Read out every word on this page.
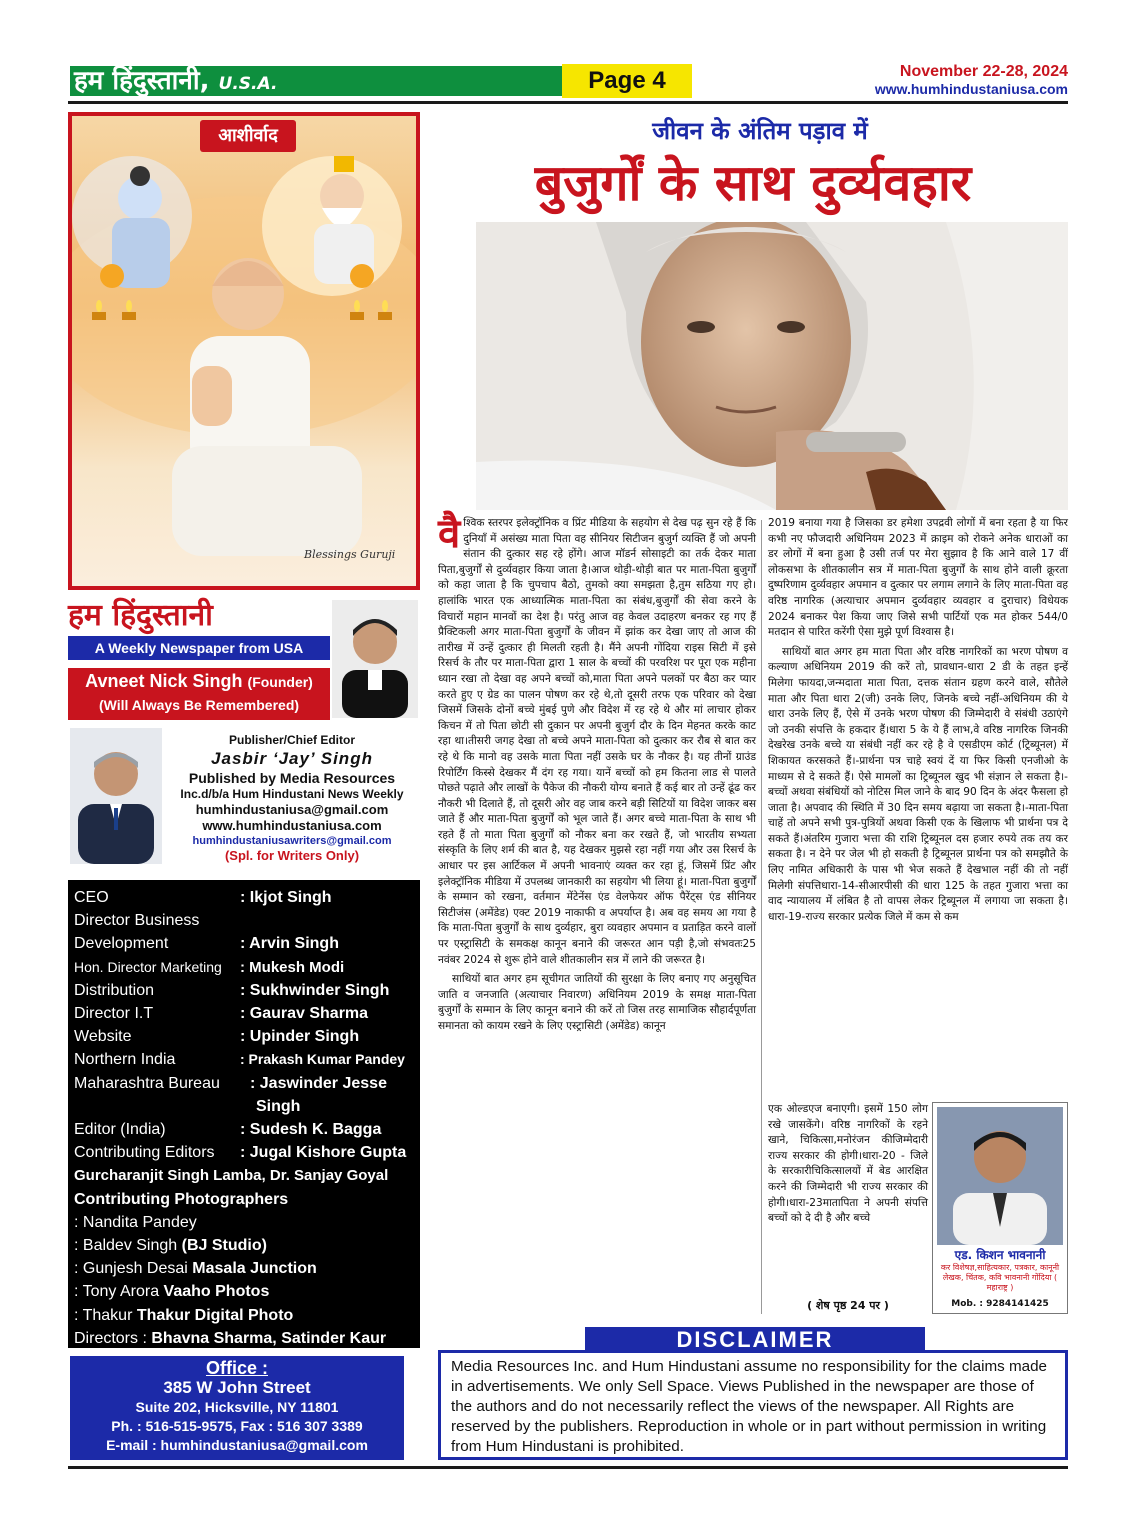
हम हिंदुस्तानी, U.S.A.	Page 4	November 22-28, 2024
www.humhindustaniusa.com
आशीर्वाद
Blessings Guruji
हम हिंदुस्तानी
A Weekly Newspaper from USA
Avneet Nick Singh (Founder)
(Will Always Be Remembered)
Publisher/Chief Editor
Jasbir ‘Jay’ Singh
Published by Media Resources
Inc.d/b/a Hum Hindustani News Weekly
humhindustaniusa@gmail.com
www.humhindustaniusa.com
humhindustaniusawriters@gmail.com
(Spl. for Writers Only)
CEO	: Ikjot Singh
Director Business
Development	: Arvin Singh
Hon. Director Marketing	: Mukesh Modi
Distribution	: Sukhwinder Singh
Director I.T	: Gaurav Sharma
Website	: Upinder Singh
Northern India	: Prakash Kumar Pandey
Maharashtra Bureau	: Jaswinder Jesse
Singh
Editor (India)	: Sudesh K. Bagga
Contributing Editors	: Jugal Kishore Gupta
Gurcharanjit Singh Lamba, Dr. Sanjay Goyal
Contributing Photographers
: Nandita Pandey
: Baldev Singh (BJ Studio)
: Gunjesh Desai Masala Junction
: Tony Arora Vaaho Photos
: Thakur Thakur Digital Photo
Directors : Bhavna Sharma, Satinder Kaur
Office :
385 W John Street
Suite 202, Hicksville, NY 11801
Ph. : 516-515-9575, Fax : 516 307 3389
E-mail : humhindustaniusa@gmail.com
जीवन के अंतिम पड़ाव में
बुजुर्गों के साथ दुर्व्यवहार

वैश्विक स्तरपर इलेक्ट्रॉनिक व प्रिंट मीडिया के सहयोग से देख पढ़ सुन रहे हैं कि दुनियाँ में असंख्य माता पिता वह सीनियर सिटीजन बुजुर्ग व्यक्ति हैं जो अपनी संतान की दुत्कार सह रहे होंगे। आज मॉडर्न सोसाइटी का तर्क देकर माता पिता,बुजुर्गों से दुर्व्यवहार किया जाता है।आज थोड़ी-थोड़ी बात पर माता-पिता बुजुर्गों को कहा जाता है कि चुपचाप बैठो, तुमको क्या समझता है,तुम सठिया गए हो।हालांकि भारत एक आध्यात्मिक माता-पिता का संबंध,बुजुर्गों की सेवा करने के विचारों महान मानवों का देश है। परंतु आज वह केवल उदाहरण बनकर रह गए हैं प्रैक्टिकली अगर माता-पिता बुजुर्गों के जीवन में झांक कर देखा जाए तो आज की तारीख में उन्हें दुत्कार ही मिलती रहती है। मैंने अपनी गोंदिया राइस सिटी में इसे रिसर्च के तौर पर माता-पिता द्वारा 1 साल के बच्चों की परवरिश पर पूरा एक महीना ध्यान रखा तो देखा वह अपने बच्चों को,माता पिता अपने पलकों पर बैठा कर प्यार करते हुए ए ग्रेड का पालन पोषण कर रहे थे,तो दूसरी तरफ एक परिवार को देखा जिसमें जिसके दोनों बच्चे मुंबई पुणे और विदेश में रह रहे थे और मां लाचार होकर किचन में तो पिता छोटी सी दुकान पर अपनी बुजुर्ग दौर के दिन मेहनत करके काट रहा था।तीसरी जगह देखा तो बच्चे अपने माता-पिता को दुत्कार कर रौब से बात कर रहे थे कि मानो वह उसके माता पिता नहीं उसके घर के नौकर है। यह तीनों ग्राउंड रिपोर्टिंग किस्से देखकर मैं दंग रह गया। यानें बच्चों को हम कितना लाड से पालते पोछते पढ़ाते और लाखों के पैकेज की नौकरी योग्य बनाते हैं कई बार तो उन्हें ढूंढ कर नौकरी भी दिलाते हैं, तो दूसरी ओर वह जाब करने बड़ी सिटियों या विदेश जाकर बस जाते हैं और माता-पिता बुजुर्गों को भूल जाते हैं। अगर बच्चे माता-पिता के साथ भी रहते हैं तो माता पिता बुजुर्गों को नौकर बना कर रखते हैं, जो भारतीय सभ्यता संस्कृति के लिए शर्म की बात है, यह देखकर मुझसे रहा नहीं गया और उस रिसर्च के आधार पर इस आर्टिकल में अपनी भावनाएं व्यक्त कर रहा हूं, जिसमें प्रिंट और इलेक्ट्रॉनिक मीडिया में उपलब्ध जानकारी का सहयोग भी लिया हूं। माता-पिता बुजुर्गों के सम्मान को रखना, वर्तमान मेंटेनेंस एंड वेलफेयर ऑफ पैरेंट्स एंड सीनियर सिटीजंस (अमेंडेड) एक्ट 2019 नाकाफी व अपर्याप्त है। अब वह समय आ गया है कि माता-पिता बुजुर्गों के साथ दुर्व्यहार, बुरा व्यवहार अपमान व प्रताड़ित करने वालों पर एस्ट्रासिटी के समकक्ष कानून बनाने की जरूरत आन पड़ी है,जो संभवतः25 नवंबर 2024 से शुरू होने वाले शीतकालीन सत्र में लाने की जरूरत है।

साथियों बात अगर हम सूचीगत जातियों की सुरक्षा के लिए बनाए गए अनुसूचित जाति व जनजाति (अत्याचार निवारण) अधिनियम 2019 के समक्ष माता-पिता बुजुर्गों के सम्मान के लिए कानून बनाने की करें तो जिस तरह सामाजिक सौहार्दपूर्णता समानता को कायम रखने के लिए एस्ट्रासिटी (अमेंडेड) कानून

2019 बनाया गया है जिसका डर हमेशा उपद्रवी लोगों में बना रहता है या फिर कभी नए फौजदारी अधिनियम 2023 में क्राइम को रोकने अनेक धाराओं का डर लोगों में बना हुआ है उसी तर्ज पर मेरा सुझाव है कि आने वाले 17 वीं लोकसभा के शीतकालीन सत्र में माता-पिता बुजुर्गों के साथ होने वाली क्रूरता दुष्परिणाम दुर्व्यवहार अपमान व दुत्कार पर लगाम लगाने के लिए माता-पिता वह वरिष्ठ नागरिक (अत्याचार अपमान दुर्व्यवहार व्यवहार व दुराचार) विधेयक 2024 बनाकर पेश किया जाए जिसे सभी पार्टियों एक मत होकर 544/0 मतदान से पारित करेंगी ऐसा मुझे पूर्ण विश्वास है।

साथियों बात अगर हम माता पिता और वरिष्ठ नागरिकों का भरण पोषण व कल्याण अधिनियम 2019 की करें तो, प्रावधान-धारा 2 डी के तहत इन्हें मिलेगा फायदा,जन्मदाता माता पिता, दत्तक संतान ग्रहण करने वाले, सौतेले माता और पिता धारा 2(जी) उनके लिए, जिनके बच्चे नहीं-अधिनियम की ये धारा उनके लिए हैं, ऐसे में उनके भरण पोषण की जिम्मेदारी वे संबंधी उठाएंगे जो उनकी संपत्ति के हकदार हैं।धारा 5 के ये हैं लाभ,वे वरिष्ठ नागरिक जिनकी देखरेख उनके बच्चे या संबंधी नहीं कर रहे है वे एसडीएम कोर्ट (ट्रिब्यूनल) में शिकायत करसकते हैं।-प्रार्थना पत्र चाहे स्वयं दें या फिर किसी एनजीओ के माध्यम से दे सकते हैं। ऐसे मामलों का ट्रिब्यूनल खुद भी संज्ञान ले सकता है।-बच्चों अथवा संबंधियों को नोटिस मिल जाने के बाद 90 दिन के अंदर फैसला हो जाता है। अपवाद की स्थिति में 30 दिन समय बढ़ाया जा सकता है।-माता-पिता चाहें तो अपने सभी पुत्र-पुत्रियों अथवा किसी एक के खिलाफ भी प्रार्थना पत्र दे सकते हैं।अंतरिम गुजारा भत्ता की राशि ट्रिब्यूनल दस हजार रुपये तक तय कर सकता है। न देने पर जेल भी हो सकती है ट्रिब्यूनल प्रार्थना पत्र को समझौते के लिए नामित अधिकारी के पास भी भेज सकते हैं देखभाल नहीं की तो नहीं मिलेगी संपत्तिधारा-14-सीआरपीसी की धारा 125 के तहत गुजारा भत्ता का वाद न्यायालय में लंबित है तो वापस लेकर ट्रिब्यूनल में लगाया जा सकता है।धारा-19-राज्य सरकार प्रत्येक जिले में कम से कम

एक ओल्डएज बनाएगी। इसमें 150 लोग रखे जासकेंगे। वरिष्ठ नागरिकों के रहने खाने, चिकित्सा,मनोरंजन कीजिम्मेदारी राज्य सरकार की होगी।धारा-20 - जिले के सरकारीचिकित्सालयों में बेड आरक्षित करने की जिम्मेदारी भी राज्य सरकार की होगी।धारा-23मातापिता ने अपनी संपत्ति बच्चों को दे दी है और बच्चे

( शेष पृष्ठ 24 पर )
एड. किशन भावनानी
कर विशेषज्ञ,साहित्यकार, पत्रकार, कानूनी लेखक, चिंतक, कवि भावनानी गोंदिया ( महाराष्ट्र )
Mob. : 9284141425
Media Resources Inc. and Hum Hindustani assume no responsibility for the claims made in advertisements. We only Sell Space. Views Published in the newspaper are those of the authors and do not necessarily reflect the views of the newspaper. All Rights are reserved by the publishers. Reproduction in whole or in part without permission in writing from Hum Hindustani is prohibited.
DISCLAIMER
